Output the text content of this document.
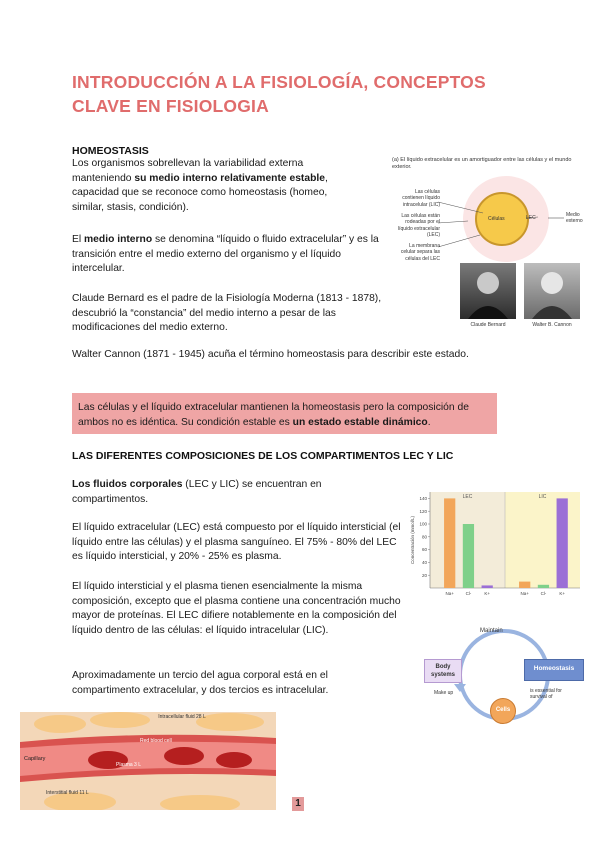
INTRODUCCIÓN A LA FISIOLOGÍA, CONCEPTOS CLAVE EN FISIOLOGIA
HOMEOSTASIS
Los organismos sobrellevan la variabilidad externa manteniendo su medio interno relativamente estable, capacidad que se reconoce como homeostasis (homeo, similar, stasis, condición).
El medio interno se denomina “líquido o fluido extracelular” y es la transición entre el medio externo del organismo y el líquido intercelular.
Claude Bernard es el padre de la Fisiología Moderna (1813 - 1878), descubrió la “constancia” del medio interno a pesar de las modificaciones del medio externo.
Walter Cannon (1871 - 1945) acuña el término homeostasis para describir este estado.
(a) El líquido extracelular es un amortiguador entre las células y el mundo exterior.
Las células contienen líquido intracelular (LIC)
Las células están rodeadas por el líquido extracelular (LEC)
La membrana celular separa las células del LEC
Células	LEC	Medio externo
Claude Bernard	Walter B. Cannon
Las células y el líquido extracelular mantienen la homeostasis pero la composición de ambos no es idéntica. Su condición estable es un estado estable dinámico.
LAS DIFERENTES COMPOSICIONES DE LOS COMPARTIMENTOS LEC Y LIC
Los fluidos corporales (LEC y LIC) se encuentran en compartimentos.
El líquido extracelular (LEC) está compuesto por el líquido intersticial (el líquido entre las células) y el plasma sanguíneo. El 75% - 80% del LEC es líquido intersticial, y 20% - 25% es plasma.
El líquido intersticial y el plasma tienen esencialmente la misma composición, excepto que el plasma contiene una concentración mucho mayor de proteínas. El LEC difiere notablemente en la composición del líquido dentro de las células: el líquido intracelular (LIC).
Aproximadamente un tercio del agua corporal está en el compartimento extracelular, y dos tercios es intracelular.
LEC	LIC
20
40
60
80
100
120
140
Concentración (mmol/L)
Na+	Cl-	K+	Na+	Cl-	K+
Maintain
Body systems
Homeostasis
Make up	is essential for survival of
Cells
Capillary
Intracellular fluid 28 L
Plasma 3 L
Red blood cell
Interstitial fluid 11 L
1
